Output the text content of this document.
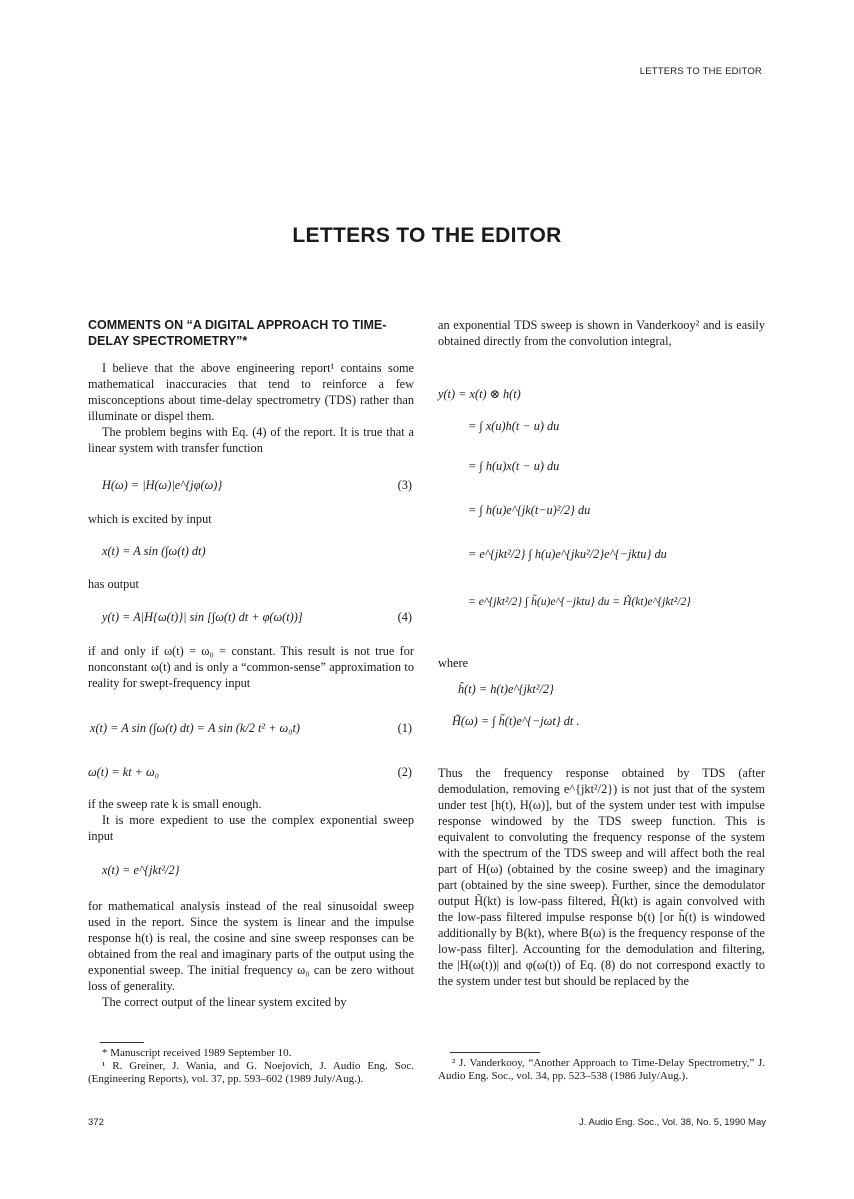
LETTERS TO THE EDITOR
LETTERS TO THE EDITOR
COMMENTS ON “A DIGITAL APPROACH TO TIME-DELAY SPECTROMETRY”*

I believe that the above engineering report¹ contains some mathematical inaccuracies that tend to reinforce a few misconceptions about time-delay spectrometry (TDS) rather than illuminate or dispel them.

The problem begins with Eq. (4) of the report. It is true that a linear system with transfer function

H(ω) = |H(ω)|e^{jφ(ω)}	(3)
which is excited by input
x(t) = A sin (∫ω(t) dt)
has output
y(t) = A|H{ω(t)}| sin [∫ω(t) dt + φ(ω(t))]	(4)

if and only if ω(t) = ω₀ = constant. This result is not true for nonconstant ω(t) and is only a “common-sense” approximation to reality for swept-frequency input

x(t) = A sin (∫ω(t) dt) = A sin (k/2 t² + ω₀t)	(1)
ω(t) = kt + ω₀	(2)

if the sweep rate k is small enough.

It is more expedient to use the complex exponential sweep input

x(t) = e^{jkt²/2}

for mathematical analysis instead of the real sinusoidal sweep used in the report. Since the system is linear and the impulse response h(t) is real, the cosine and sine sweep responses can be obtained from the real and imaginary parts of the output using the exponential sweep. The initial frequency ω₀ can be zero without loss of generality.

The correct output of the linear system excited by

* Manuscript received 1989 September 10.

¹ R. Greiner, J. Wania, and G. Noejovich, J. Audio Eng. Soc. (Engineering Reports), vol. 37, pp. 593–602 (1989 July/Aug.).

an exponential TDS sweep is shown in Vanderkooy² and is easily obtained directly from the convolution integral,

y(t) = x(t) ⊗ h(t)
= ∫ x(u)h(t − u) du
= ∫ h(u)x(t − u) du
= ∫ h(u)e^{jk(t−u)²/2} du
= e^{jkt²/2} ∫ h(u)e^{jku²/2}e^{−jktu} du
= e^{jkt²/2} ∫ h̃(u)e^{−jktu} du = H̃(kt)e^{jkt²/2}
where
h̃(t) = h(t)e^{jkt²/2}
H̃(ω) = ∫ h̃(t)e^{−jωt} dt .

Thus the frequency response obtained by TDS (after demodulation, removing e^{jkt²/2}) is not just that of the system under test [h(t), H(ω)], but of the system under test with impulse response windowed by the TDS sweep function. This is equivalent to convoluting the frequency response of the system with the spectrum of the TDS sweep and will affect both the real part of H(ω) (obtained by the cosine sweep) and the imaginary part (obtained by the sine sweep). Further, since the demodulator output H̃(kt) is low-pass filtered, H̃(kt) is again convolved with the low-pass filtered impulse response b(t) [or h̃(t) is windowed additionally by B(kt), where B(ω) is the frequency response of the low-pass filter]. Accounting for the demodulation and filtering, the |H(ω(t))| and φ(ω(t)) of Eq. (8) do not correspond exactly to the system under test but should be replaced by the

² J. Vanderkooy, “Another Approach to Time-Delay Spectrometry,” J. Audio Eng. Soc., vol. 34, pp. 523–538 (1986 July/Aug.).

372	J. Audio Eng. Soc., Vol. 38, No. 5, 1990 May
